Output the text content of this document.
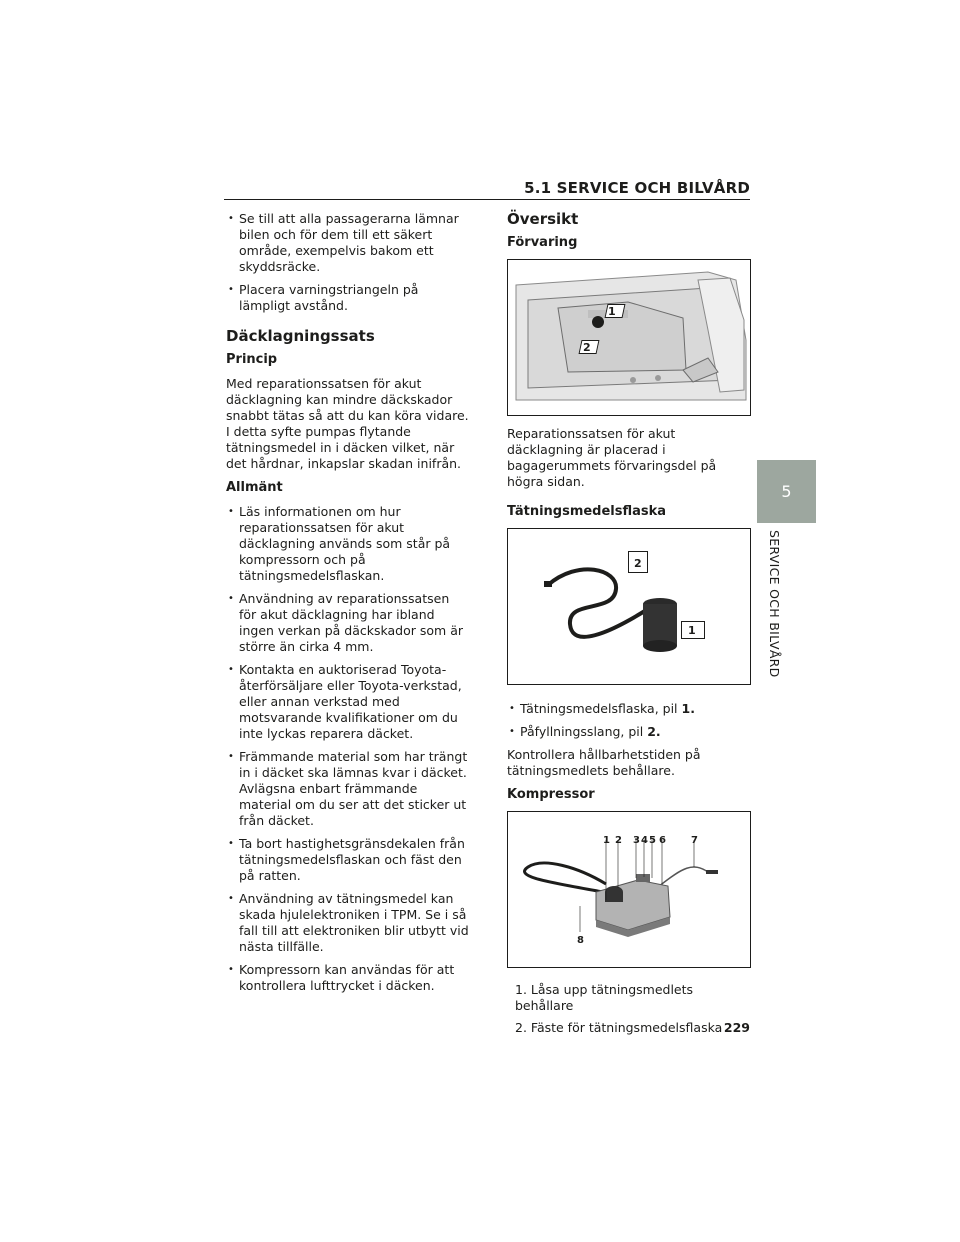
5.1 SERVICE OCH BILVÅRD
5
SERVICE OCH BILVÅRD
• Se till att alla passagerarna lämnar bilen och för dem till ett säkert område, exempelvis bakom ett skyddsräcke.
• Placera varningstriangeln på lämpligt avstånd.
Däcklagningssats
Princip

Med reparationssatsen för akut däcklagning kan mindre däckskador snabbt tätas så att du kan köra vidare. I detta syfte pumpas flytande tätningsmedel in i däcken vilket, när det hårdnar, inkapslar skadan inifrån.

Allmänt
• Läs informationen om hur reparationssatsen för akut däcklagning används som står på kompressorn och på tätningsmedelsflaskan.
• Användning av reparationssatsen för akut däcklagning har ibland ingen verkan på däckskador som är större än cirka 4 mm.
• Kontakta en auktoriserad Toyota-återförsäljare eller Toyota-verkstad, eller annan verkstad med motsvarande kvalifikationer om du inte lyckas reparera däcket.
• Främmande material som har trängt in i däcket ska lämnas kvar i däcket. Avlägsna enbart främmande material om du ser att det sticker ut från däcket.
• Ta bort hastighetsgränsdekalen från tätningsmedelsflaskan och fäst den på ratten.
• Användning av tätningsmedel kan skada hjulelektroniken i TPM. Se i så fall till att elektroniken blir utbytt vid nästa tillfälle.
• Kompressorn kan användas för att kontrollera lufttrycket i däcken.
Översikt
Förvaring
1
2

Reparationssatsen för akut däcklagning är placerad i bagagerummets förvaringsdel på högra sidan.

Tätningsmedelsflaska
2
1
• Tätningsmedelsflaska, pil 1.
• Påfyllningsslang, pil 2.

Kontrollera hållbarhetstiden på tätningsmedlets behållare.

Kompressor
1 2 3 4 5 6	7
8
1. Låsa upp tätningsmedlets behållare
2. Fäste för tätningsmedelsflaska 229
